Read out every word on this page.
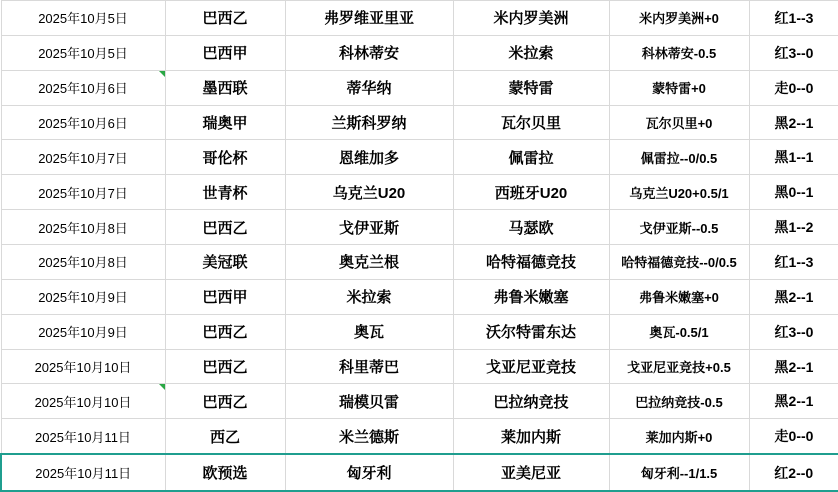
2025年10月5日	巴西乙	弗罗维亚里亚	米内罗美洲	米内罗美洲+0	红1--3
2025年10月5日	巴西甲	科林蒂安	米拉索	科林蒂安-0.5	红3--0
2025年10月6日	墨西联	蒂华纳	蒙特雷	蒙特雷+0	走0--0
2025年10月6日	瑞奥甲	兰斯科罗纳	瓦尔贝里	瓦尔贝里+0	黑2--1
2025年10月7日	哥伦杯	恩维加多	佩雷拉	佩雷拉--0/0.5	黑1--1
2025年10月7日	世青杯	乌克兰U20	西班牙U20	乌克兰U20+0.5/1	黑0--1
2025年10月8日	巴西乙	戈伊亚斯	马瑟欧	戈伊亚斯--0.5	黑1--2
2025年10月8日	美冠联	奥克兰根	哈特福德竞技	哈特福德竞技--0/0.5	红1--3
2025年10月9日	巴西甲	米拉索	弗鲁米嫩塞	弗鲁米嫩塞+0	黑2--1
2025年10月9日	巴西乙	奥瓦	沃尔特雷东达	奥瓦-0.5/1	红3--0
2025年10月10日	巴西乙	科里蒂巴	戈亚尼亚竞技	戈亚尼亚竞技+0.5	黑2--1
2025年10月10日	巴西乙	瑞模贝雷	巴拉纳竞技	巴拉纳竞技-0.5	黑2--1
2025年10月11日	西乙	米兰德斯	莱加内斯	莱加内斯+0	走0--0
2025年10月11日	欧预选	匈牙利	亚美尼亚	匈牙利--1/1.5	红2--0
